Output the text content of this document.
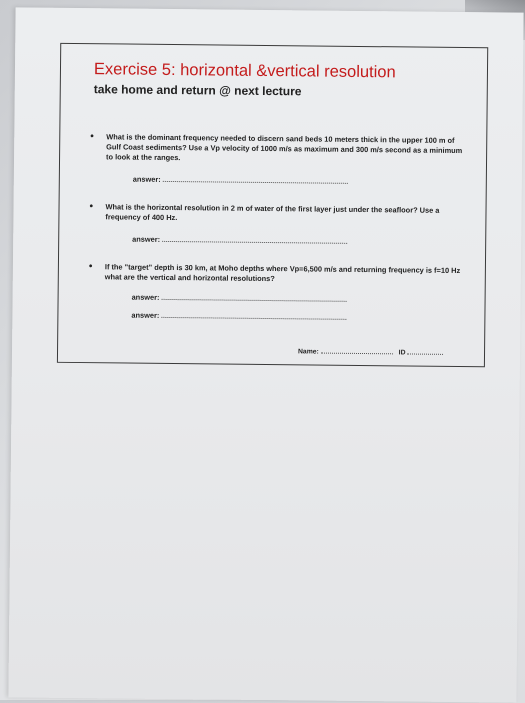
Exercise 5: horizontal &vertical resolution
take home and return @ next lecture
• What is the dominant frequency needed to discern sand beds 10 meters thick in the upper 100 m of Gulf Coast sediments? Use a Vp velocity of 1000 m/s as maximum and 300 m/s second as a minimum to look at the ranges.
answer:
• What is the horizontal resolution in 2 m of water of the first layer just under the seafloor? Use a frequency of 400 Hz.
answer:
• If the "target" depth is 30 km, at Moho depths where Vp=6,500 m/s and returning frequency is f=10 Hz what are the vertical and horizontal resolutions?
answer:
answer:
Name:	ID
